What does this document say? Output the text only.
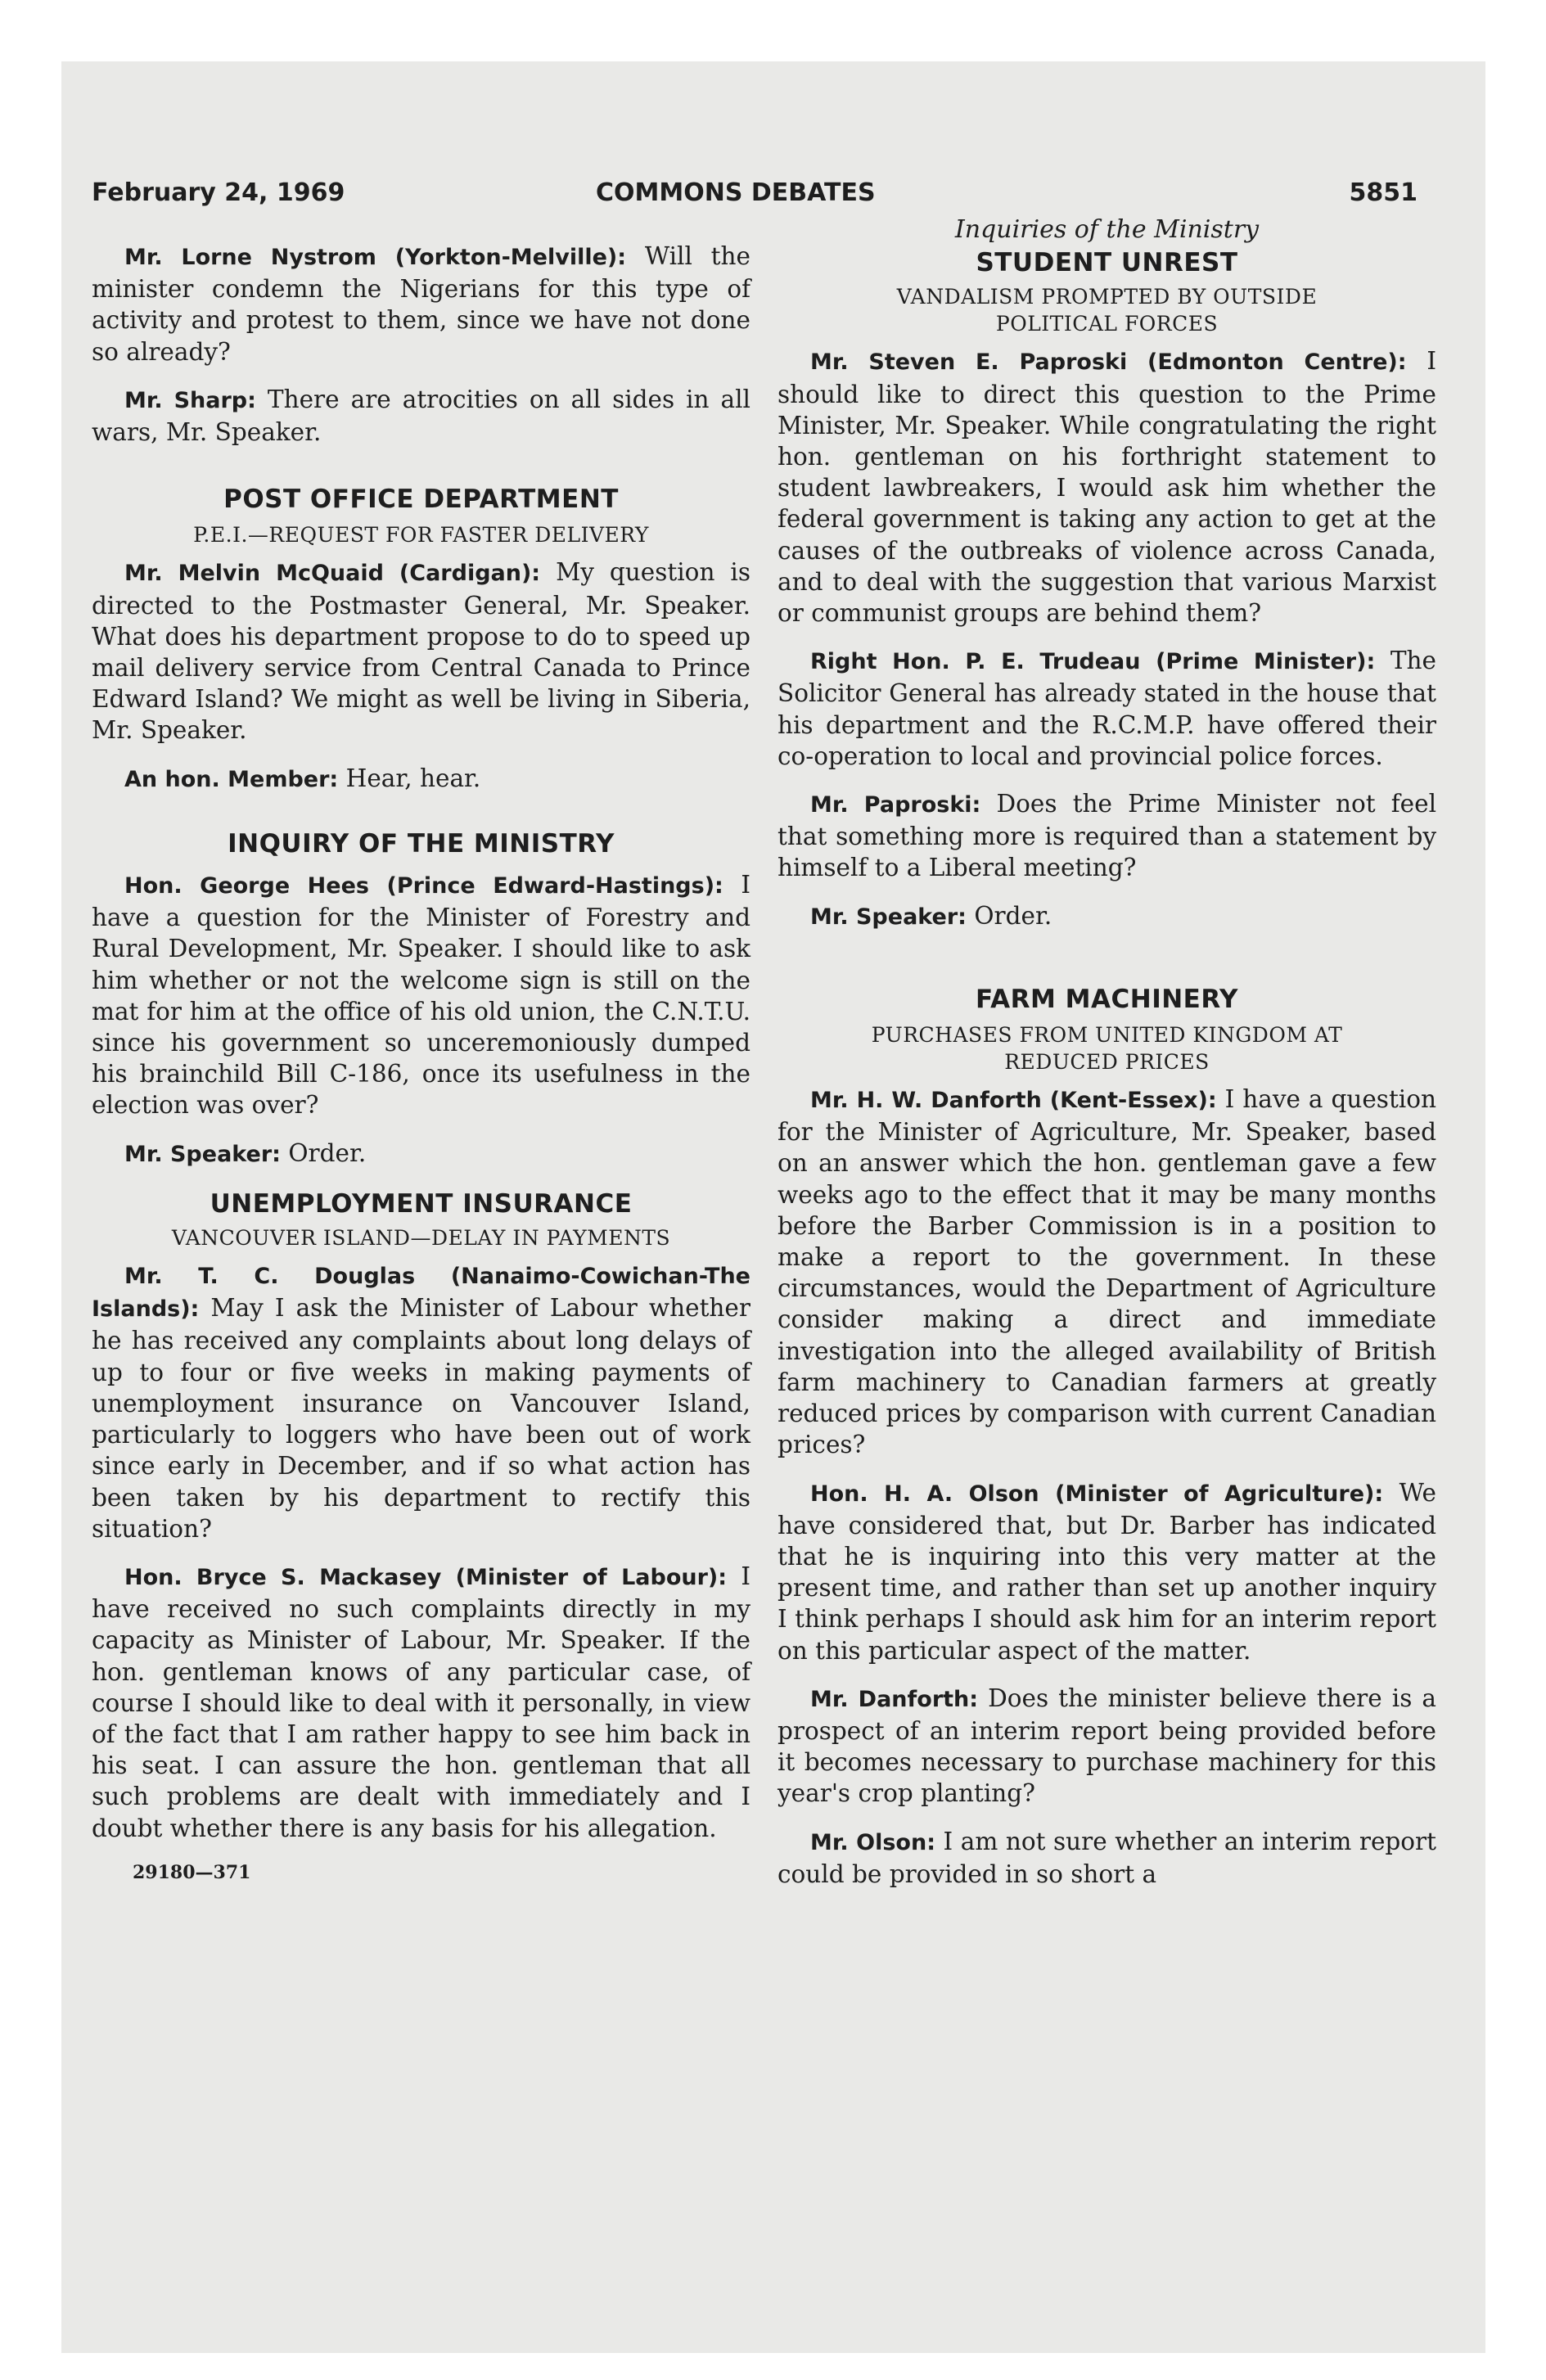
February 24, 1969	COMMONS DEBATES	5851

Mr. Lorne Nystrom (Yorkton-Melville): Will the minister condemn the Nigerians for this type of activity and protest to them, since we have not done so already?

Mr. Sharp: There are atrocities on all sides in all wars, Mr. Speaker.

POST OFFICE DEPARTMENT
P.E.I.—REQUEST FOR FASTER DELIVERY

Mr. Melvin McQuaid (Cardigan): My question is directed to the Postmaster General, Mr. Speaker. What does his department propose to do to speed up mail delivery service from Central Canada to Prince Edward Island? We might as well be living in Siberia, Mr. Speaker.

An hon. Member: Hear, hear.

INQUIRY OF THE MINISTRY

Hon. George Hees (Prince Edward-Hastings): I have a question for the Minister of Forestry and Rural Development, Mr. Speaker. I should like to ask him whether or not the welcome sign is still on the mat for him at the office of his old union, the C.N.T.U. since his government so unceremoniously dumped his brainchild Bill C-186, once its usefulness in the election was over?

Mr. Speaker: Order.

UNEMPLOYMENT INSURANCE
VANCOUVER ISLAND—DELAY IN PAYMENTS

Mr. T. C. Douglas (Nanaimo-Cowichan-The Islands): May I ask the Minister of Labour whether he has received any complaints about long delays of up to four or five weeks in making payments of unemployment insurance on Vancouver Island, particularly to loggers who have been out of work since early in December, and if so what action has been taken by his department to rectify this situation?

Hon. Bryce S. Mackasey (Minister of Labour): I have received no such complaints directly in my capacity as Minister of Labour, Mr. Speaker. If the hon. gentleman knows of any particular case, of course I should like to deal with it personally, in view of the fact that I am rather happy to see him back in his seat. I can assure the hon. gentleman that all such problems are dealt with immediately and I doubt whether there is any basis for his allegation.

29180—371
Inquiries of the Ministry
STUDENT UNREST
VANDALISM PROMPTED BY OUTSIDE POLITICAL FORCES

Mr. Steven E. Paproski (Edmonton Centre): I should like to direct this question to the Prime Minister, Mr. Speaker. While congratulating the right hon. gentleman on his forthright statement to student lawbreakers, I would ask him whether the federal government is taking any action to get at the causes of the outbreaks of violence across Canada, and to deal with the suggestion that various Marxist or communist groups are behind them?

Right Hon. P. E. Trudeau (Prime Minister): The Solicitor General has already stated in the house that his department and the R.C.M.P. have offered their co-operation to local and provincial police forces.

Mr. Paproski: Does the Prime Minister not feel that something more is required than a statement by himself to a Liberal meeting?

Mr. Speaker: Order.

FARM MACHINERY
PURCHASES FROM UNITED KINGDOM AT REDUCED PRICES

Mr. H. W. Danforth (Kent-Essex): I have a question for the Minister of Agriculture, Mr. Speaker, based on an answer which the hon. gentleman gave a few weeks ago to the effect that it may be many months before the Barber Commission is in a position to make a report to the government. In these circumstances, would the Department of Agriculture consider making a direct and immediate investigation into the alleged availability of British farm machinery to Canadian farmers at greatly reduced prices by comparison with current Canadian prices?

Hon. H. A. Olson (Minister of Agriculture): We have considered that, but Dr. Barber has indicated that he is inquiring into this very matter at the present time, and rather than set up another inquiry I think perhaps I should ask him for an interim report on this particular aspect of the matter.

Mr. Danforth: Does the minister believe there is a prospect of an interim report being provided before it becomes necessary to purchase machinery for this year's crop planting?

Mr. Olson: I am not sure whether an interim report could be provided in so short a
